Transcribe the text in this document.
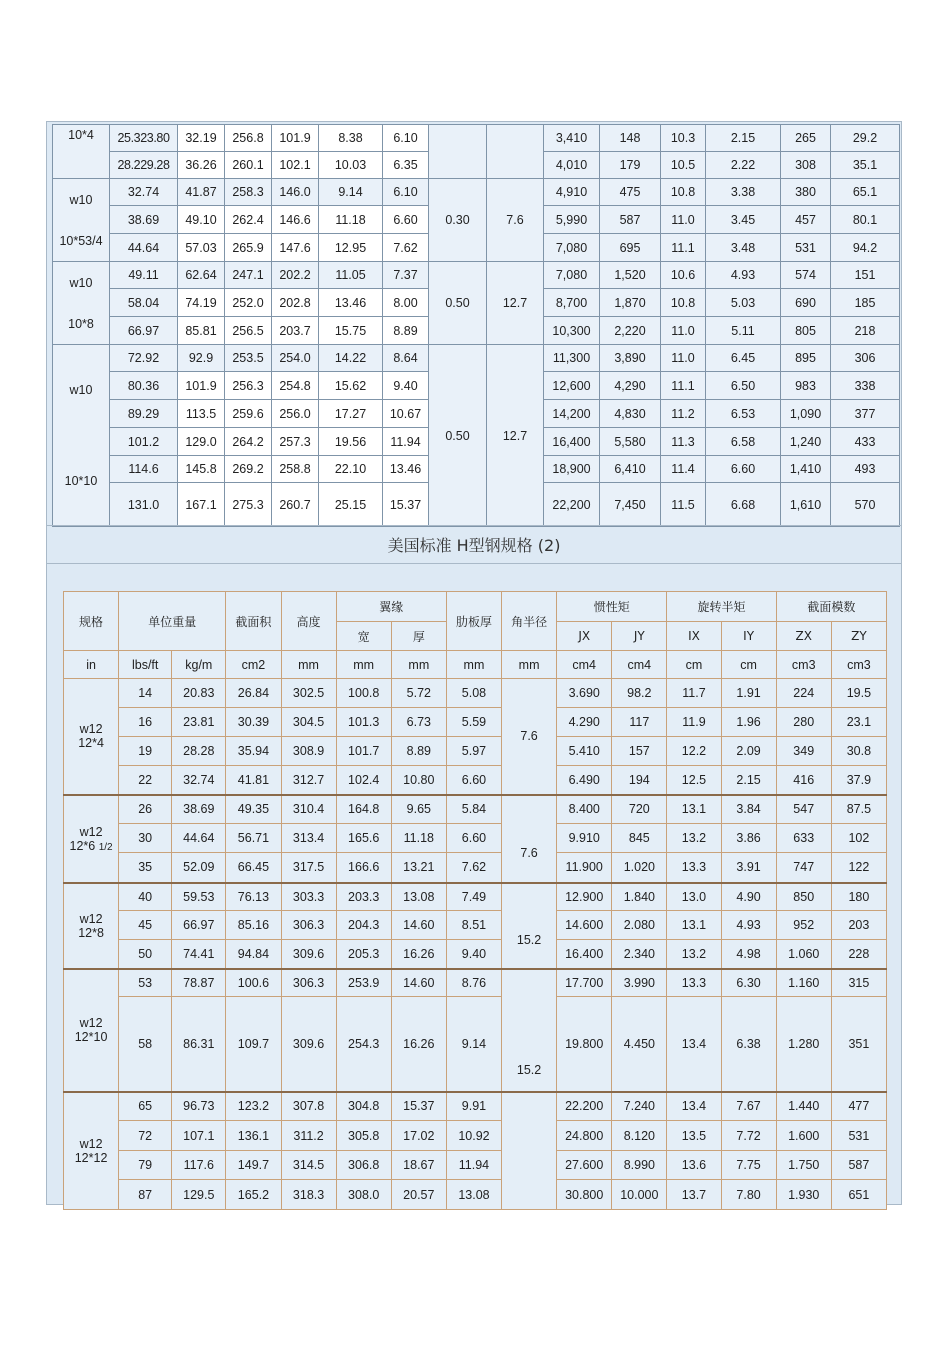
10*4	25.323.80	32.19	256.8	101.9	8.38	6.10			3,410	148	10.3	2.15	265	29.2
	28.229.28	36.26	260.1	102.1	10.03	6.35			4,010	179	10.5	2.22	308	35.1

w10
10*53/4	32.74	41.87	258.3	146.0	9.14	6.10	0.30	7.6	4,910	475	10.8	3.38	380	65.1
	38.69	49.10	262.4	146.6	11.18	6.60			5,990	587	11.0	3.45	457	80.1
	44.64	57.03	265.9	147.6	12.95	7.62			7,080	695	11.1	3.48	531	94.2

w10
10*8	49.11	62.64	247.1	202.2	11.05	7.37	0.50	12.7	7,080	1,520	10.6	4.93	574	151
	58.04	74.19	252.0	202.8	13.46	8.00			8,700	1,870	10.8	5.03	690	185
	66.97	85.81	256.5	203.7	15.75	8.89			10,300	2,220	11.0	5.11	805	218

w10
10*10	72.92	92.9	253.5	254.0	14.22	8.64	0.50	12.7	11,300	3,890	11.0	6.45	895	306
	80.36	101.9	256.3	254.8	15.62	9.40			12,600	4,290	11.1	6.50	983	338
	89.29	113.5	259.6	256.0	17.27	10.67			14,200	4,830	11.2	6.53	1,090	377
	101.2	129.0	264.2	257.3	19.56	11.94			16,400	5,580	11.3	6.58	1,240	433
	114.6	145.8	269.2	258.8	22.10	13.46			18,900	6,410	11.4	6.60	1,410	493
	131.0	167.1	275.3	260.7	25.15	15.37			22,200	7,450	11.5	6.68	1,610	570
美国标准 H型钢规格 (2)
规格	单位重量		截面积	高度	翼缘		肋板厚	角半径	惯性矩		旋转半矩		截面模数	
					宽	厚			JX	JY	IX	IY	ZX	ZY
in	lbs/ft	kg/m	cm2	mm	mm	mm	mm	mm	cm4	cm4	cm	cm	cm3	cm3

w12
12*4	14	20.83	26.84	302.5	100.8	5.72	5.08	7.6	3.690	98.2	11.7	1.91	224	19.5
	16	23.81	30.39	304.5	101.3	6.73	5.59		4.290	117	11.9	1.96	280	23.1
	19	28.28	35.94	308.9	101.7	8.89	5.97		5.410	157	12.2	2.09	349	30.8
	22	32.74	41.81	312.7	102.4	10.80	6.60		6.490	194	12.5	2.15	416	37.9

w12
12*6 1/2	26	38.69	49.35	310.4	164.8	9.65	5.84	7.6	8.400	720	13.1	3.84	547	87.5
	30	44.64	56.71	313.4	165.6	11.18	6.60		9.910	845	13.2	3.86	633	102
	35	52.09	66.45	317.5	166.6	13.21	7.62		11.900	1.020	13.3	3.91	747	122

w12
12*8	40	59.53	76.13	303.3	203.3	13.08	7.49	15.2	12.900	1.840	13.0	4.90	850	180
	45	66.97	85.16	306.3	204.3	14.60	8.51		14.600	2.080	13.1	4.93	952	203
	50	74.41	94.84	309.6	205.3	16.26	9.40		16.400	2.340	13.2	4.98	1.060	228

w12
12*10	53	78.87	100.6	306.3	253.9	14.60	8.76	15.2	17.700	3.990	13.3	6.30	1.160	315
	58	86.31	109.7	309.6	254.3	16.26	9.14		19.800	4.450	13.4	6.38	1.280	351

w12
12*12	65	96.73	123.2	307.8	304.8	15.37	9.91		22.200	7.240	13.4	7.67	1.440	477
	72	107.1	136.1	311.2	305.8	17.02	10.92		24.800	8.120	13.5	7.72	1.600	531
	79	117.6	149.7	314.5	306.8	18.67	11.94		27.600	8.990	13.6	7.75	1.750	587
	87	129.5	165.2	318.3	308.0	20.57	13.08		30.800	10.000	13.7	7.80	1.930	651
